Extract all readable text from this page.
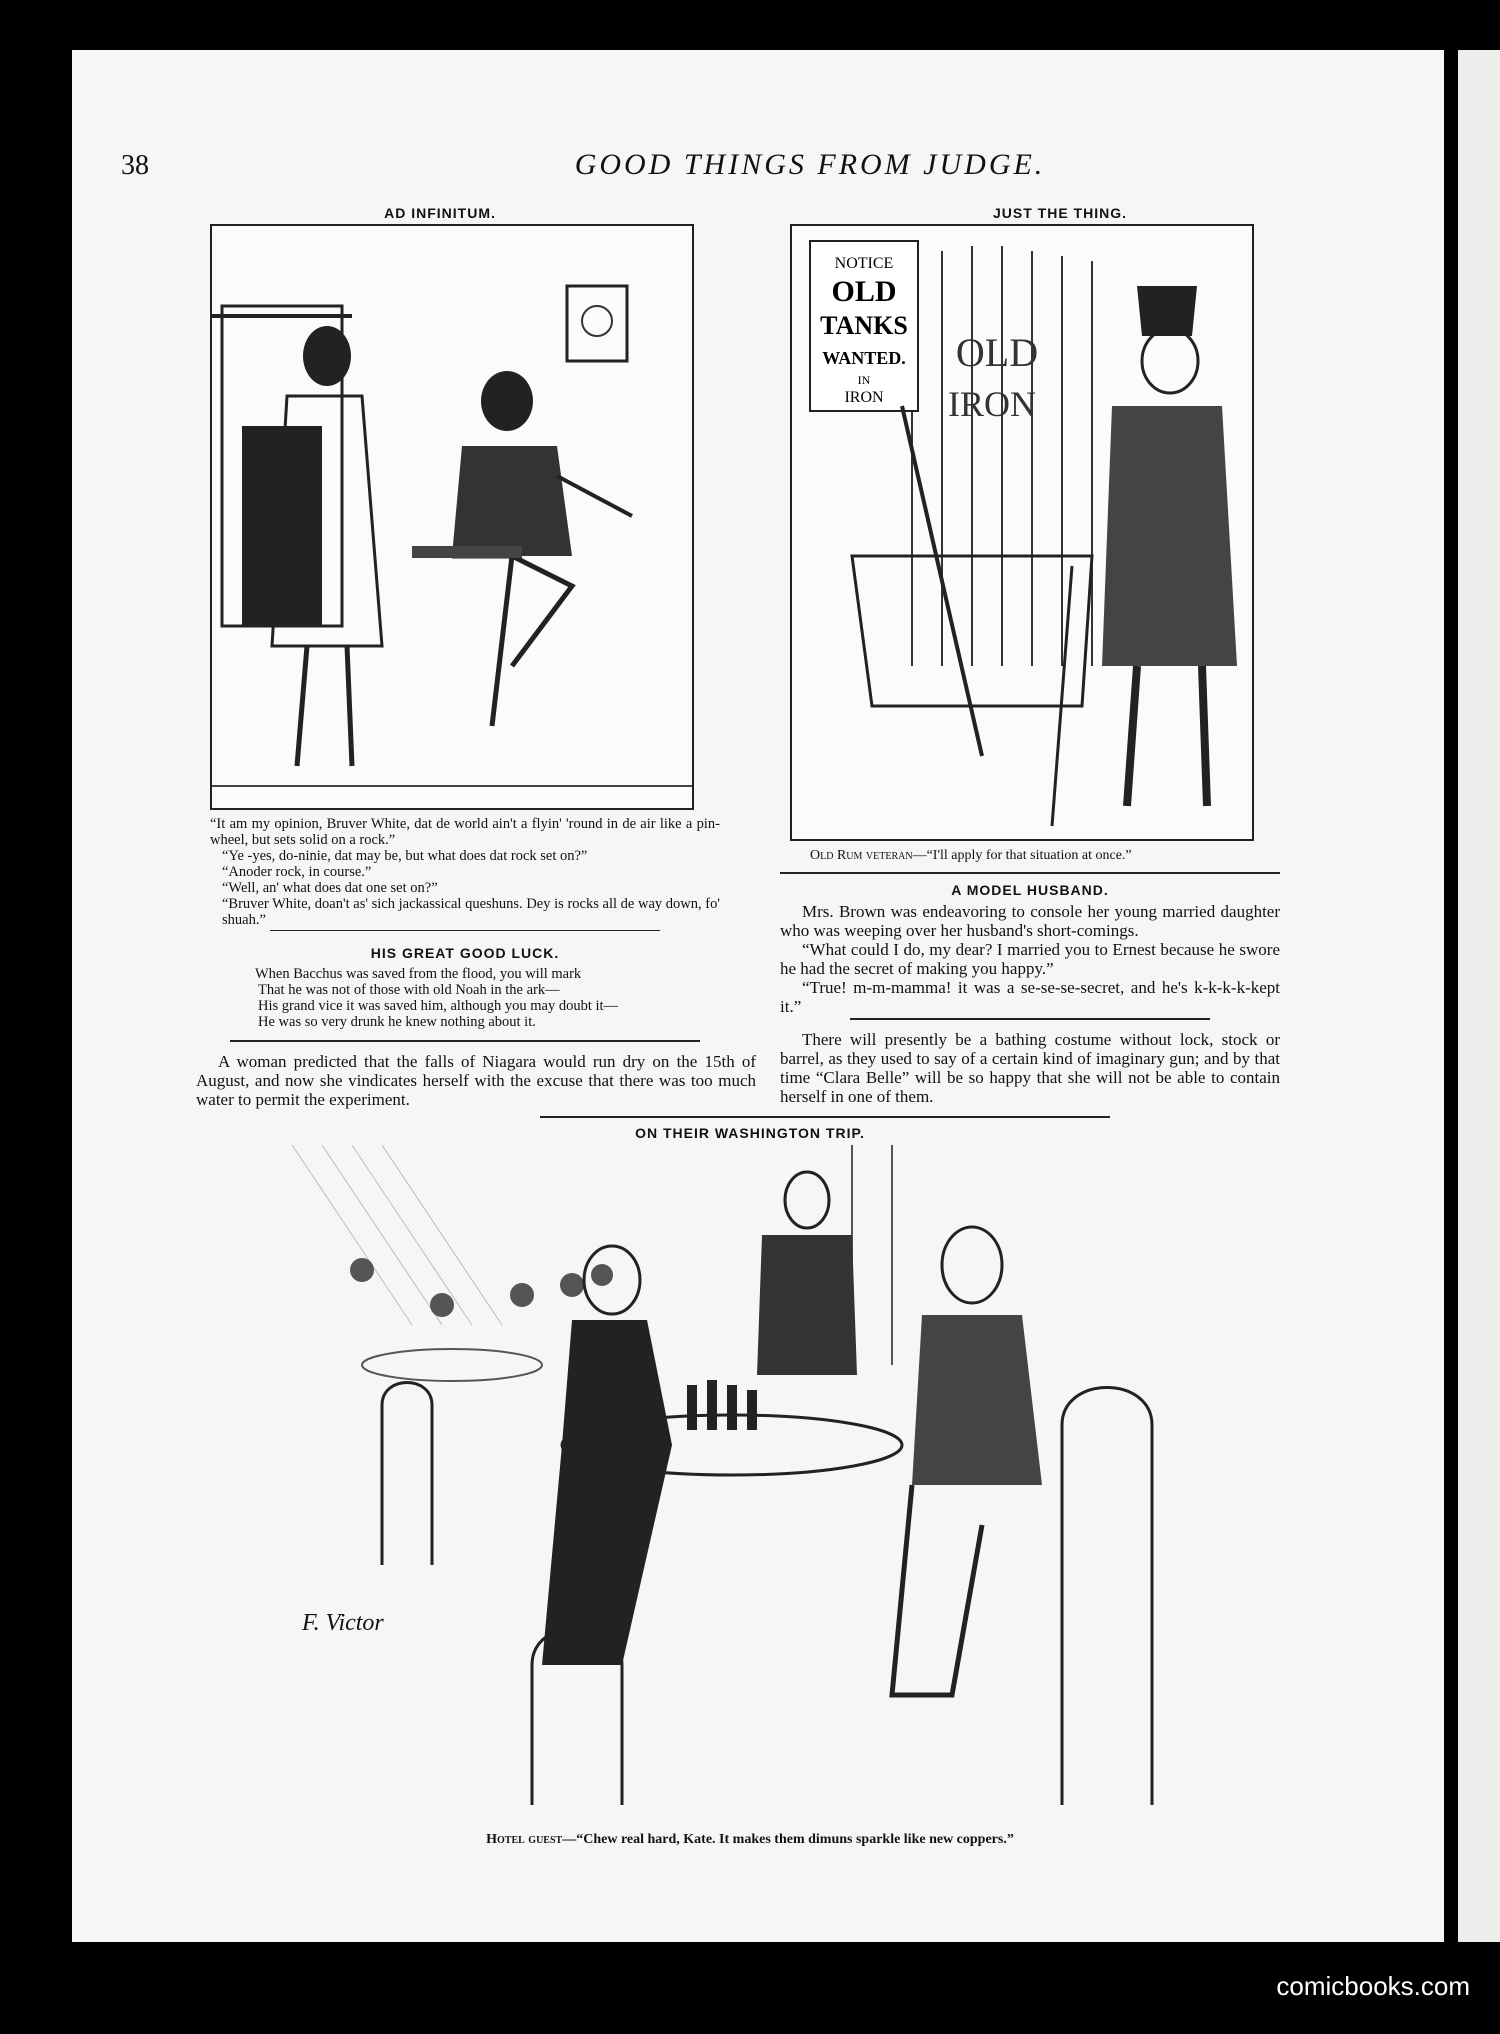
38	GOOD THINGS FROM JUDGE.
AD INFINITUM.

“It am my opinion, Bruver White, dat de world ain't a flyin' 'round in de air like a pin-wheel, but sets solid on a rock.”

“Ye -yes, do-ninie, dat may be, but what does dat rock set on?”

“Anoder rock, in course.”

“Well, an' what does dat one set on?”

“Bruver White, doan't as' sich jackassical queshuns. Dey is rocks all de way down, fo' shuah.”

HIS GREAT GOOD LUCK.
When Bacchus was saved from the flood, you will mark
That he was not of those with old Noah in the ark—
His grand vice it was saved him, although you may doubt it—
He was so very drunk he knew nothing about it.

A woman predicted that the falls of Niagara would run dry on the 15th of August, and now she vindicates herself with the excuse that there was too much water to permit the experiment.

JUST THE THING.
NOTICE
OLD
TANKS
WANTED.
IN
IRON
OLD
IRON
Old Rum veteran—“I'll apply for that situation at once.”
A MODEL HUSBAND.

Mrs. Brown was endeavoring to console her young married daughter who was weeping over her husband's short-comings.

“What could I do, my dear? I married you to Ernest because he swore he had the secret of making you happy.”

“True! m-m-mamma! it was a se-se-se-secret, and he's k-k-k-k-kept it.”

There will presently be a bathing costume without lock, stock or barrel, as they used to say of a certain kind of imaginary gun; and by that time “Clara Belle” will be so happy that she will not be able to contain herself in one of them.

ON THEIR WASHINGTON TRIP.
F. Victor
Hotel guest—“Chew real hard, Kate. It makes them dimuns sparkle like new coppers.”
comicbooks.com
